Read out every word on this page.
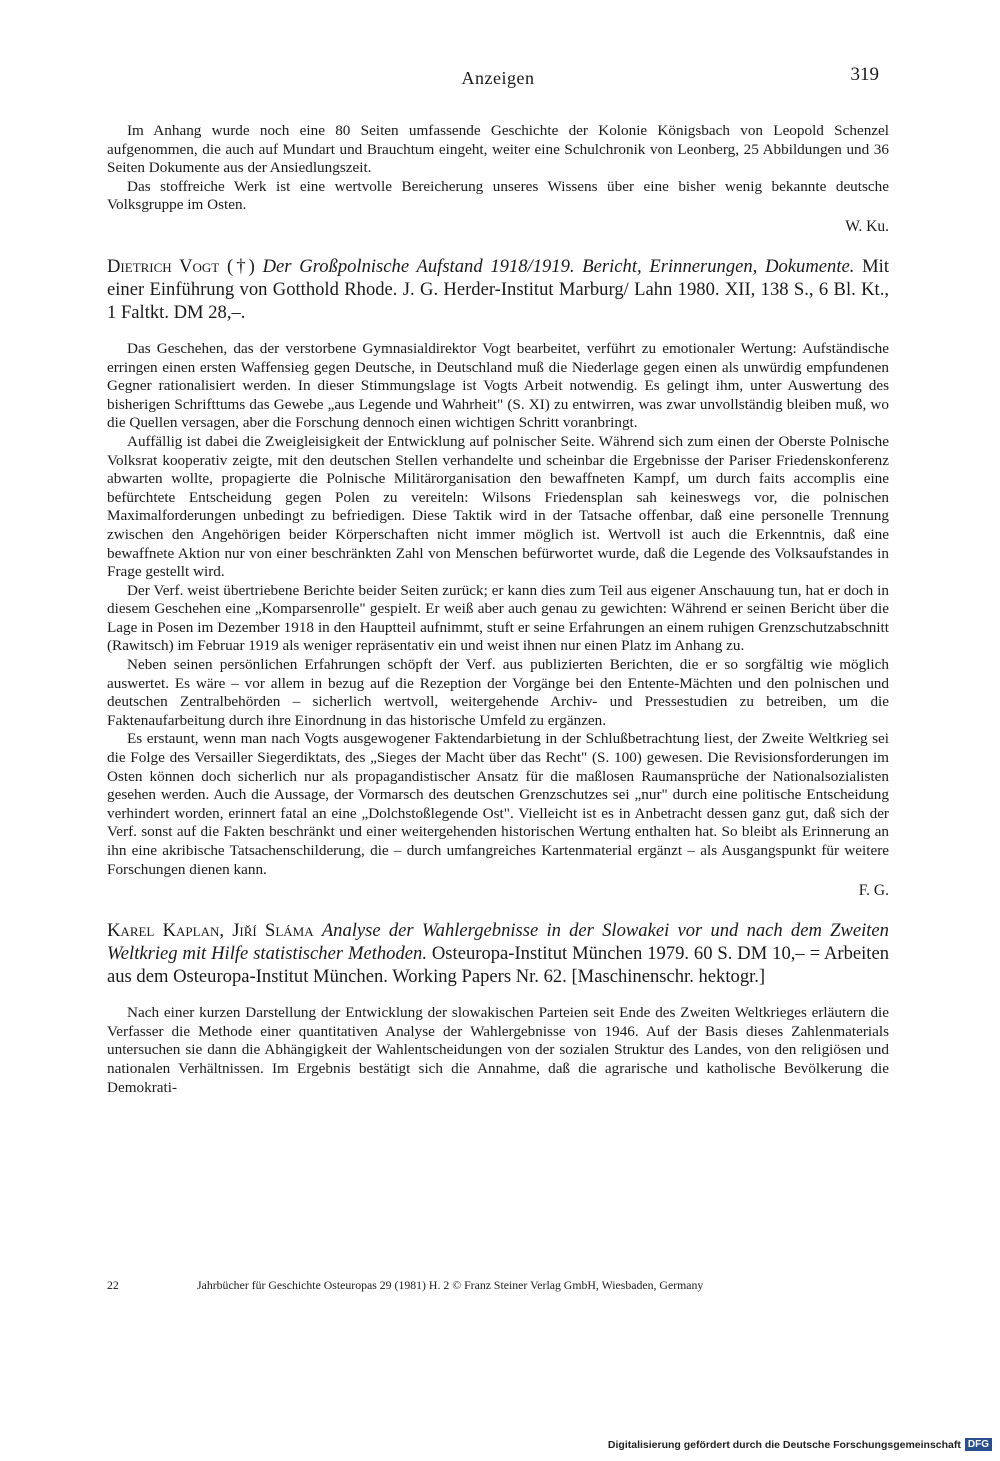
Anzeigen	319

Im Anhang wurde noch eine 80 Seiten umfassende Geschichte der Kolonie Königsbach von Leopold Schenzel aufgenommen, die auch auf Mundart und Brauchtum eingeht, weiter eine Schulchronik von Leonberg, 25 Abbildungen und 36 Seiten Dokumente aus der Ansiedlungszeit.

Das stoffreiche Werk ist eine wertvolle Bereicherung unseres Wissens über eine bisher wenig bekannte deutsche Volksgruppe im Osten.

W. Ku.
Dietrich Vogt (†) Der Großpolnische Aufstand 1918/1919. Bericht, Erinnerungen, Dokumente. Mit einer Einführung von Gotthold Rhode. J. G. Herder-Institut Marburg/ Lahn 1980. XII, 138 S., 6 Bl. Kt., 1 Faltkt. DM 28,–.

Das Geschehen, das der verstorbene Gymnasialdirektor Vogt bearbeitet, verführt zu emotionaler Wertung: Aufständische erringen einen ersten Waffensieg gegen Deutsche, in Deutschland muß die Niederlage gegen einen als unwürdig empfundenen Gegner rationalisiert werden. In dieser Stimmungslage ist Vogts Arbeit notwendig. Es gelingt ihm, unter Auswertung des bisherigen Schrifttums das Gewebe „aus Legende und Wahrheit" (S. XI) zu entwirren, was zwar unvollständig bleiben muß, wo die Quellen versagen, aber die Forschung dennoch einen wichtigen Schritt voranbringt.

Auffällig ist dabei die Zweigleisigkeit der Entwicklung auf polnischer Seite. Während sich zum einen der Oberste Polnische Volksrat kooperativ zeigte, mit den deutschen Stellen verhandelte und scheinbar die Ergebnisse der Pariser Friedenskonferenz abwarten wollte, propagierte die Polnische Militärorganisation den bewaffneten Kampf, um durch faits accomplis eine befürchtete Entscheidung gegen Polen zu vereiteln: Wilsons Friedensplan sah keineswegs vor, die polnischen Maximalforderungen unbedingt zu befriedigen. Diese Taktik wird in der Tatsache offenbar, daß eine personelle Trennung zwischen den Angehörigen beider Körperschaften nicht immer möglich ist. Wertvoll ist auch die Erkenntnis, daß eine bewaffnete Aktion nur von einer beschränkten Zahl von Menschen befürwortet wurde, daß die Legende des Volksaufstandes in Frage gestellt wird.

Der Verf. weist übertriebene Berichte beider Seiten zurück; er kann dies zum Teil aus eigener Anschauung tun, hat er doch in diesem Geschehen eine „Komparsenrolle" gespielt. Er weiß aber auch genau zu gewichten: Während er seinen Bericht über die Lage in Posen im Dezember 1918 in den Hauptteil aufnimmt, stuft er seine Erfahrungen an einem ruhigen Grenzschutzabschnitt (Rawitsch) im Februar 1919 als weniger repräsentativ ein und weist ihnen nur einen Platz im Anhang zu.

Neben seinen persönlichen Erfahrungen schöpft der Verf. aus publizierten Berichten, die er so sorgfältig wie möglich auswertet. Es wäre – vor allem in bezug auf die Rezeption der Vorgänge bei den Entente-Mächten und den polnischen und deutschen Zentralbehörden – sicherlich wertvoll, weitergehende Archiv- und Pressestudien zu betreiben, um die Faktenaufarbeitung durch ihre Einordnung in das historische Umfeld zu ergänzen.

Es erstaunt, wenn man nach Vogts ausgewogener Faktendarbietung in der Schlußbetrachtung liest, der Zweite Weltkrieg sei die Folge des Versailler Siegerdiktats, des „Sieges der Macht über das Recht" (S. 100) gewesen. Die Revisionsforderungen im Osten können doch sicherlich nur als propagandistischer Ansatz für die maßlosen Raumansprüche der Nationalsozialisten gesehen werden. Auch die Aussage, der Vormarsch des deutschen Grenzschutzes sei „nur" durch eine politische Entscheidung verhindert worden, erinnert fatal an eine „Dolchstoßlegende Ost". Vielleicht ist es in Anbetracht dessen ganz gut, daß sich der Verf. sonst auf die Fakten beschränkt und einer weitergehenden historischen Wertung enthalten hat. So bleibt als Erinnerung an ihn eine akribische Tatsachenschilderung, die – durch umfangreiches Kartenmaterial ergänzt – als Ausgangspunkt für weitere Forschungen dienen kann.

F. G.
Karel Kaplan, Jiří Sláma Analyse der Wahlergebnisse in der Slowakei vor und nach dem Zweiten Weltkrieg mit Hilfe statistischer Methoden. Osteuropa-Institut München 1979. 60 S. DM 10,– = Arbeiten aus dem Osteuropa-Institut München. Working Papers Nr. 62. [Maschinenschr. hektogr.]

Nach einer kurzen Darstellung der Entwicklung der slowakischen Parteien seit Ende des Zweiten Weltkrieges erläutern die Verfasser die Methode einer quantitativen Analyse der Wahlergebnisse von 1946. Auf der Basis dieses Zahlenmaterials untersuchen sie dann die Abhängigkeit der Wahlentscheidungen von der sozialen Struktur des Landes, von den religiösen und nationalen Verhältnissen. Im Ergebnis bestätigt sich die Annahme, daß die agrarische und katholische Bevölkerung die Demokrati-

22	Jahrbücher für Geschichte Osteuropas 29 (1981) H. 2 © Franz Steiner Verlag GmbH, Wiesbaden, Germany
Digitalisierung gefördert durch die Deutsche Forschungsgemeinschaft DFG
